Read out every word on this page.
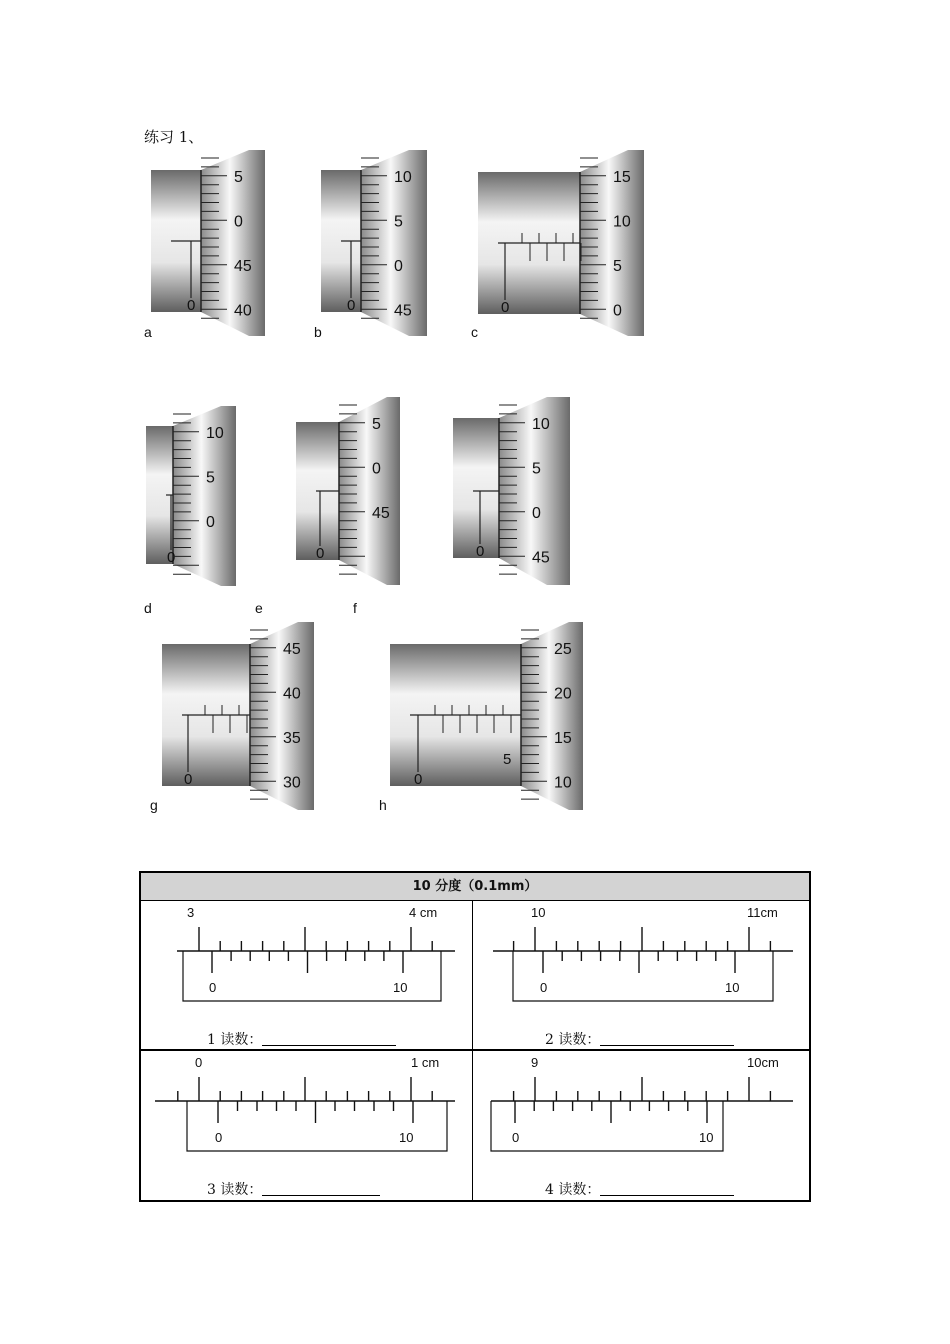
练习 1、
0
5
0
45
40
a
0
10
5
0
45
b
0
15
10
5
0
c
0
10
5
0
d
0
5
0
45
e
0
10
5
0
45
f
0
45
40
35
30
g
0
5
25
20
15
10
h
10 分度（0.1mm）
3	4 cm
0	10
1 读数：
10	11cm
0	10
2 读数：
0	1 cm
0	10
3 读数：
9	10cm
0	10
4 读数：
